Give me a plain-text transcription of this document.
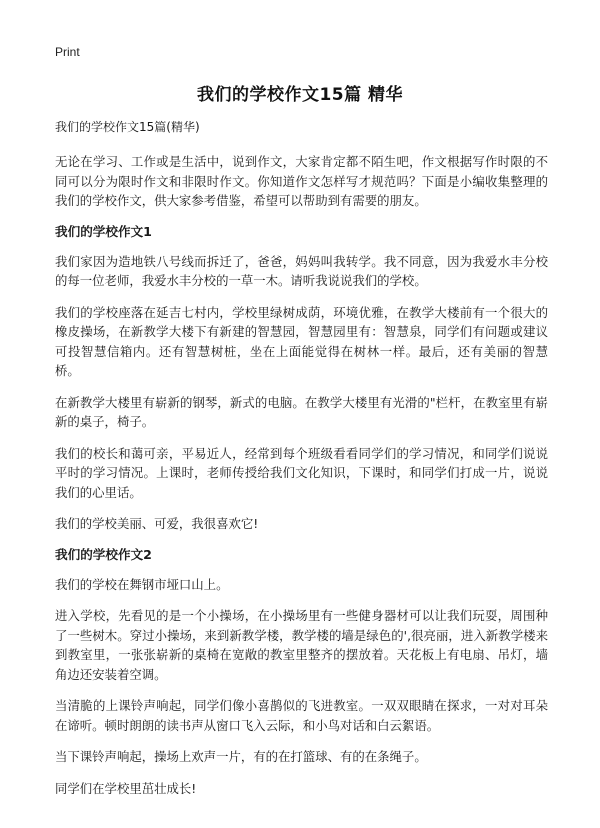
Print
我们的学校作文15篇 精华
我们的学校作文15篇(精华)

无论在学习、工作或是生活中，说到作文，大家肯定都不陌生吧，作文根据写作时限的不同可以分为限时作文和非限时作文。你知道作文怎样写才规范吗？下面是小编收集整理的我们的学校作文，供大家参考借鉴，希望可以帮助到有需要的朋友。

我们的学校作文1

我们家因为造地铁八号线而拆迁了，爸爸，妈妈叫我转学。我不同意，因为我爱水丰分校的每一位老师，我爱水丰分校的一草一木。请听我说说我们的学校。

我们的学校座落在延吉七村内，学校里绿树成荫，环境优雅，在教学大楼前有一个很大的橡皮操场，在新教学大楼下有新建的智慧园，智慧园里有：智慧泉，同学们有问题或建议可投智慧信箱内。还有智慧树桩，坐在上面能觉得在树林一样。最后，还有美丽的智慧桥。

在新教学大楼里有崭新的钢琴，新式的电脑。在教学大楼里有光滑的"栏杆，在教室里有崭新的桌子，椅子。

我们的校长和蔼可亲，平易近人，经常到每个班级看看同学们的学习情况，和同学们说说平时的学习情况。上课时，老师传授给我们文化知识，下课时，和同学们打成一片，说说我们的心里话。

我们的学校美丽、可爱，我很喜欢它!

我们的学校作文2

我们的学校在舞钢市垭口山上。

进入学校，先看见的是一个小操场，在小操场里有一些健身器材可以让我们玩耍，周围种了一些树木。穿过小操场，来到新教学楼，教学楼的墙是绿色的',很亮丽，进入新教学楼来到教室里，一张张崭新的桌椅在宽敞的教室里整齐的摆放着。天花板上有电扇、吊灯，墙角边还安装着空调。

当清脆的上课铃声响起，同学们像小喜鹊似的飞进教室。一双双眼睛在探求，一对对耳朵在谛听。顿时朗朗的读书声从窗口飞入云际，和小鸟对话和白云絮语。

当下课铃声响起，操场上欢声一片，有的在打篮球、有的在条绳子。

同学们在学校里茁壮成长!
